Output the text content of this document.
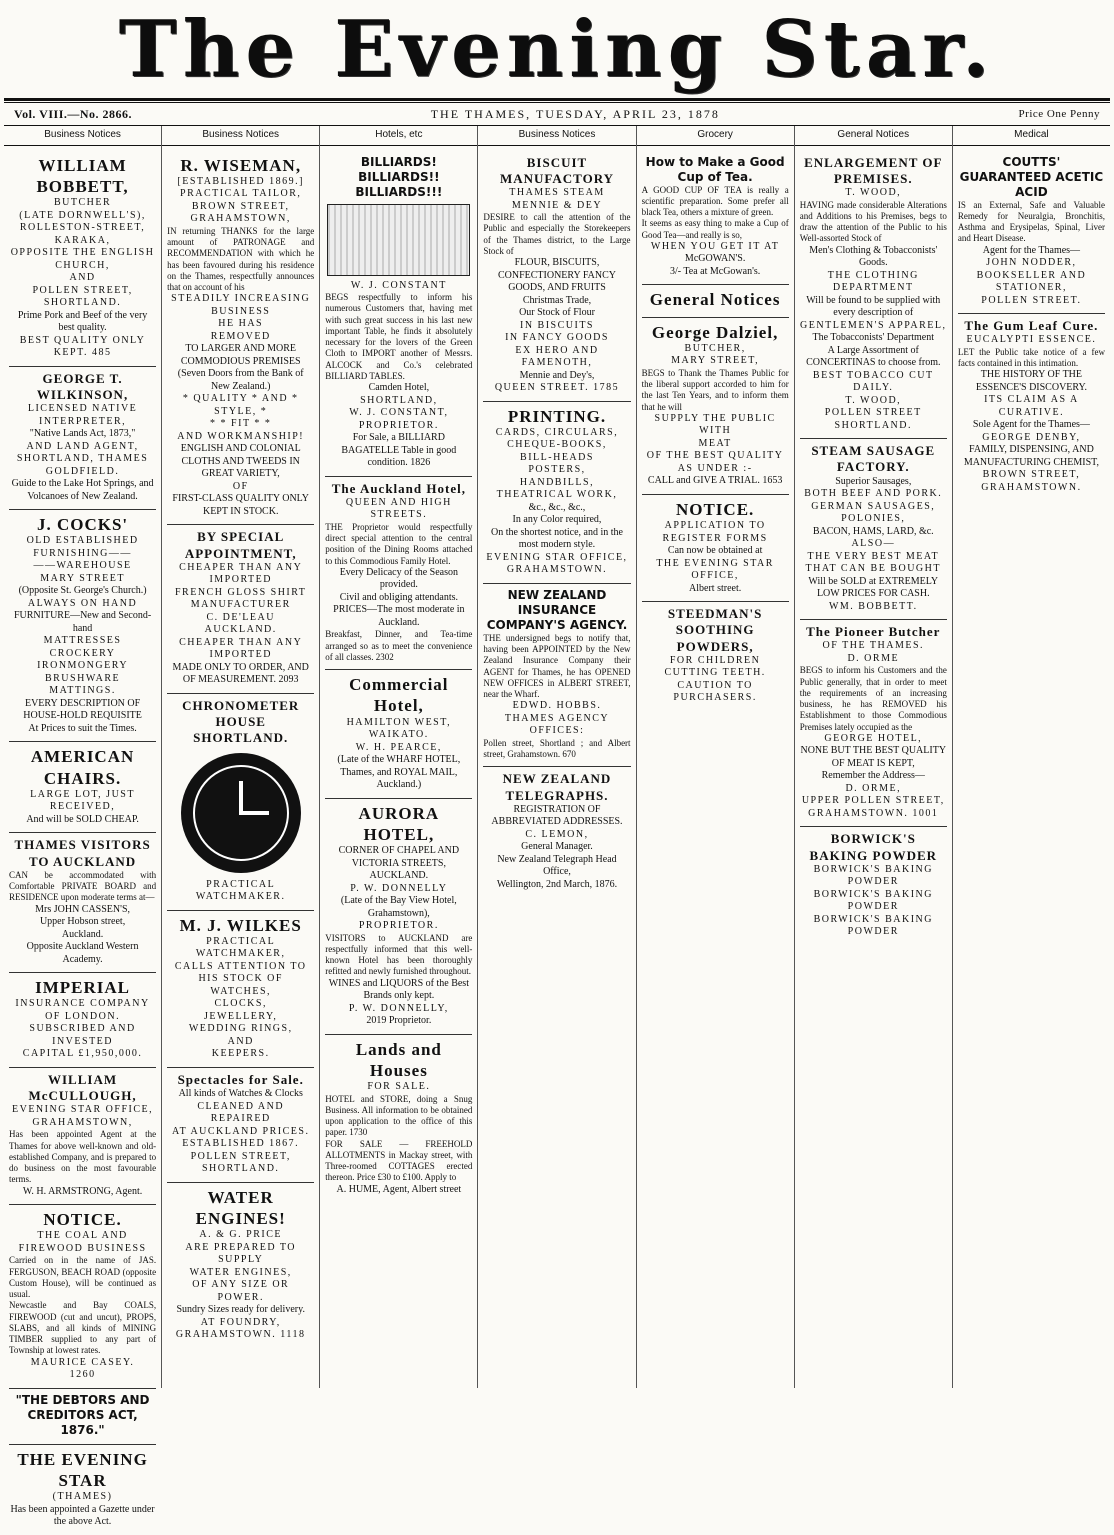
The Evening Star.
Vol. VIII.—No. 2866.	THE THAMES, TUESDAY, APRIL 23, 1878	Price One Penny
Business Notices
WILLIAM BOBBETT,
BUTCHER
(LATE DORNWELL'S),
ROLLESTON-STREET, KARAKA,
OPPOSITE THE ENGLISH CHURCH,
AND
POLLEN STREET, SHORTLAND.
Prime Pork and Beef of the very best quality.
BEST QUALITY ONLY KEPT. 485
GEORGE T. WILKINSON,
LICENSED NATIVE INTERPRETER,
"Native Lands Act, 1873,"
AND LAND AGENT,
SHORTLAND, THAMES GOLDFIELD.
Guide to the Lake Hot Springs, and Volcanoes of New Zealand.
J. COCKS'
OLD ESTABLISHED
FURNISHING——
——WAREHOUSE
MARY STREET
(Opposite St. George's Church.)
ALWAYS ON HAND
FURNITURE—New and Second-hand
MATTRESSES
CROCKERY
IRONMONGERY
BRUSHWARE
MATTINGS.
EVERY DESCRIPTION OF HOUSE-HOLD REQUISITE
At Prices to suit the Times.
AMERICAN CHAIRS.
LARGE LOT, JUST RECEIVED,
And will be SOLD CHEAP.
THAMES VISITORS TO AUCKLAND
CAN be accommodated with Comfortable PRIVATE BOARD and RESIDENCE upon moderate terms at—
Mrs JOHN CASSEN'S,
Upper Hobson street,
Auckland.
Opposite Auckland Western Academy.
IMPERIAL
INSURANCE COMPANY
OF LONDON.
SUBSCRIBED AND INVESTED
CAPITAL £1,950,000.
WILLIAM McCULLOUGH,
EVENING STAR OFFICE,
GRAHAMSTOWN,
Has been appointed Agent at the Thames for above well-known and old-established Company, and is prepared to do business on the most favourable terms.
W. H. ARMSTRONG, Agent.
NOTICE.
THE COAL AND FIREWOOD BUSINESS
Carried on in the name of JAS. FERGUSON, BEACH ROAD (opposite Custom House), will be continued as usual.
Newcastle and Bay COALS, FIREWOOD (cut and uncut), PROPS, SLABS, and all kinds of MINING TIMBER supplied to any part of Township at lowest rates.
MAURICE CASEY.
1260
"THE DEBTORS AND CREDITORS ACT, 1876."
THE EVENING STAR
(THAMES)
Has been appointed a Gazette under the above Act.
Business Notices
R. WISEMAN,
[ESTABLISHED 1869.]
PRACTICAL TAILOR,
BROWN STREET,
GRAHAMSTOWN,
IN returning THANKS for the large amount of PATRONAGE and RECOMMENDATION with which he has been favoured during his residence on the Thames, respectfully announces that on account of his
STEADILY INCREASING BUSINESS
HE HAS
REMOVED
TO LARGER AND MORE COMMODIOUS PREMISES
(Seven Doors from the Bank of New Zealand.)
* QUALITY * AND * STYLE, *
* * FIT * *
AND WORKMANSHIP!
ENGLISH AND COLONIAL CLOTHS AND TWEEDS IN GREAT VARIETY,
OF
FIRST-CLASS QUALITY ONLY KEPT IN STOCK.
BY SPECIAL APPOINTMENT,
CHEAPER THAN ANY IMPORTED
FRENCH GLOSS SHIRT MANUFACTURER
C. DE'LEAU
AUCKLAND.
CHEAPER THAN ANY IMPORTED
MADE ONLY TO ORDER, AND OF MEASUREMENT. 2093
CHRONOMETER HOUSE SHORTLAND.
PRACTICAL
WATCHMAKER.
M. J. WILKES
PRACTICAL WATCHMAKER,
CALLS ATTENTION TO HIS STOCK OF
WATCHES,
CLOCKS,
JEWELLERY,
WEDDING RINGS,
AND
KEEPERS.
Spectacles for Sale.
All kinds of Watches & Clocks
CLEANED AND REPAIRED
AT AUCKLAND PRICES.
ESTABLISHED 1867.
POLLEN STREET, SHORTLAND.
WATER ENGINES!
A. & G. PRICE
ARE PREPARED TO SUPPLY
WATER ENGINES,
OF ANY SIZE OR POWER.
Sundry Sizes ready for delivery.
AT FOUNDRY,
GRAHAMSTOWN. 1118
Hotels, etc
BILLIARDS! BILLIARDS!! BILLIARDS!!!
W. J. CONSTANT
BEGS respectfully to inform his numerous Customers that, having met with such great success in his last new important Table, he finds it absolutely necessary for the lovers of the Green Cloth to IMPORT another of Messrs. ALCOCK and Co.'s celebrated BILLIARD TABLES.
Camden Hotel,
SHORTLAND,
W. J. CONSTANT,
PROPRIETOR.
For Sale, a BILLIARD BAGATELLE Table in good condition. 1826
The Auckland Hotel,
QUEEN AND HIGH STREETS.
THE Proprietor would respectfully direct special attention to the central position of the Dining Rooms attached to this Commodious Family Hotel.
Every Delicacy of the Season provided.
Civil and obliging attendants.
PRICES—The most moderate in Auckland.
Breakfast, Dinner, and Tea-time arranged so as to meet the convenience of all classes. 2302
Commercial Hotel,
HAMILTON WEST, WAIKATO.
W. H. PEARCE,
(Late of the WHARF HOTEL, Thames, and ROYAL MAIL, Auckland.)
AURORA HOTEL,
CORNER OF CHAPEL AND VICTORIA STREETS, AUCKLAND.
P. W. DONNELLY
(Late of the Bay View Hotel, Grahamstown),
PROPRIETOR.
VISITORS to AUCKLAND are respectfully informed that this well-known Hotel has been thoroughly refitted and newly furnished throughout.
WINES and LIQUORS of the Best Brands only kept.
P. W. DONNELLY,
2019 Proprietor.
Lands and Houses
FOR SALE.
HOTEL and STORE, doing a Snug Business. All information to be obtained upon application to the office of this paper. 1730
FOR SALE — FREEHOLD ALLOTMENTS in Mackay street, with Three-roomed COTTAGES erected thereon. Price £30 to £100. Apply to
A. HUME, Agent, Albert street
Business Notices
BISCUIT MANUFACTORY
THAMES STEAM
MENNIE & DEY
DESIRE to call the attention of the Public and especially the Storekeepers of the Thames district, to the Large Stock of
FLOUR, BISCUITS, CONFECTIONERY FANCY GOODS, AND FRUITS
Christmas Trade,
Our Stock of Flour
IN BISCUITS
IN FANCY GOODS
EX HERO AND FAMENOTH,
Mennie and Dey's,
QUEEN STREET. 1785
PRINTING.
CARDS, CIRCULARS,
CHEQUE-BOOKS,
BILL-HEADS
POSTERS,
HANDBILLS,
THEATRICAL WORK,
&c., &c., &c.,
In any Color required,
On the shortest notice, and in the most modern style.
EVENING STAR OFFICE,
GRAHAMSTOWN.
NEW ZEALAND INSURANCE COMPANY'S AGENCY.
THE undersigned begs to notify that, having been APPOINTED by the New Zealand Insurance Company their AGENT for Thames, he has OPENED NEW OFFICES in ALBERT STREET, near the Wharf.
EDWD. HOBBS.
THAMES AGENCY OFFICES:
Pollen street, Shortland ; and Albert street, Grahamstown. 670
NEW ZEALAND TELEGRAPHS.
REGISTRATION OF ABBREVIATED ADDRESSES.
C. LEMON,
General Manager.
New Zealand Telegraph Head Office,
Wellington, 2nd March, 1876.
Grocery
How to Make a Good Cup of Tea.
A GOOD CUP OF TEA is really a scientific preparation. Some prefer all black Tea, others a mixture of green.
It seems as easy thing to make a Cup of Good Tea—and really is so,
WHEN YOU GET IT AT
McGOWAN'S.
3/- Tea at McGowan's.
General Notices
George Dalziel,
BUTCHER,
MARY STREET,
BEGS to Thank the Thames Public for the liberal support accorded to him for the last Ten Years, and to inform them that he will
SUPPLY THE PUBLIC
WITH
MEAT
OF THE BEST QUALITY
AS UNDER :-
CALL and GIVE A TRIAL. 1653
NOTICE.
APPLICATION TO REGISTER FORMS
Can now be obtained at
THE EVENING STAR OFFICE,
Albert street.
STEEDMAN'S SOOTHING POWDERS,
FOR CHILDREN CUTTING TEETH.
CAUTION TO PURCHASERS.
General Notices
ENLARGEMENT OF PREMISES.
T. WOOD,
HAVING made considerable Alterations and Additions to his Premises, begs to draw the attention of the Public to his Well-assorted Stock of
Men's Clothing & Tobacconists' Goods.
THE CLOTHING DEPARTMENT
Will be found to be supplied with every description of
GENTLEMEN'S APPAREL,
The Tobacconists' Department
A Large Assortment of CONCERTINAS to choose from.
BEST TOBACCO CUT DAILY.
T. WOOD,
POLLEN STREET
SHORTLAND.
STEAM SAUSAGE FACTORY.
Superior Sausages,
BOTH BEEF AND PORK.
GERMAN SAUSAGES, POLONIES,
BACON, HAMS, LARD, &c.
ALSO—
THE VERY BEST MEAT
THAT CAN BE BOUGHT
Will be SOLD at EXTREMELY LOW PRICES FOR CASH.
WM. BOBBETT.
The Pioneer Butcher
OF THE THAMES.
D. ORME
BEGS to inform his Customers and the Public generally, that in order to meet the requirements of an increasing business, he has REMOVED his Establishment to those Commodious Premises lately occupied as the
GEORGE HOTEL,
NONE BUT THE BEST QUALITY OF MEAT IS KEPT,
Remember the Address—
D. ORME,
UPPER POLLEN STREET,
GRAHAMSTOWN. 1001
BORWICK'S BAKING POWDER
BORWICK'S BAKING POWDER
BORWICK'S BAKING POWDER
BORWICK'S BAKING POWDER
Medical
COUTTS' GUARANTEED ACETIC ACID
IS an External, Safe and Valuable Remedy for Neuralgia, Bronchitis, Asthma and Erysipelas, Spinal, Liver and Heart Disease.
Agent for the Thames—
JOHN NODDER,
BOOKSELLER AND STATIONER,
POLLEN STREET.
The Gum Leaf Cure.
EUCALYPTI ESSENCE.
LET the Public take notice of a few facts contained in this intimation.
THE HISTORY OF THE ESSENCE'S DISCOVERY.
ITS CLAIM AS A CURATIVE.
Sole Agent for the Thames—
GEORGE DENBY,
FAMILY, DISPENSING, AND MANUFACTURING CHEMIST,
BROWN STREET,
GRAHAMSTOWN.
